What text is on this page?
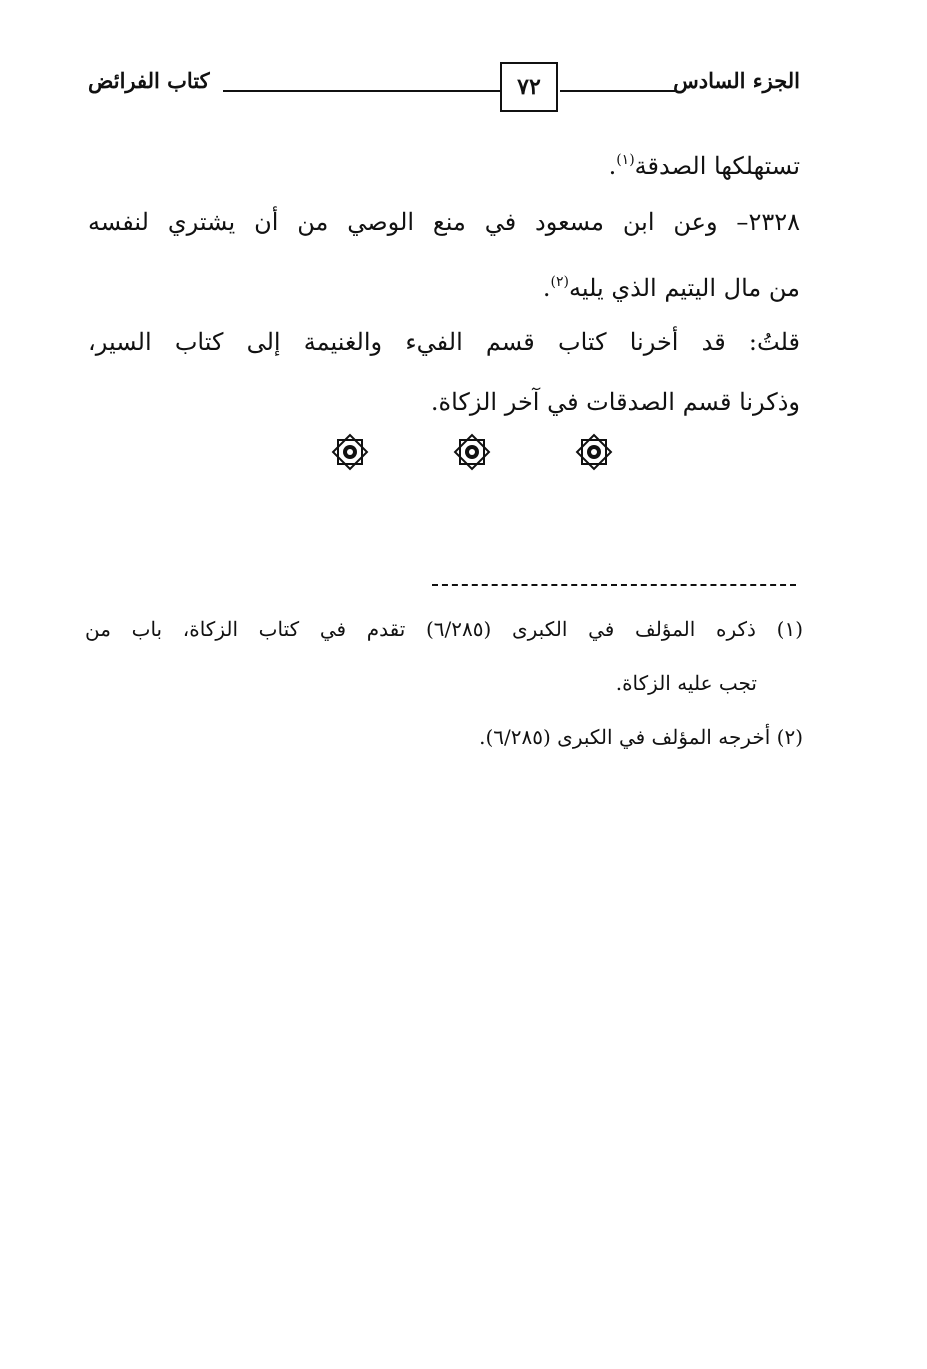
كتاب الفرائض	٧٢	الجزء السادس
تستهلكها الصدقة$^{(١)}$.
٢٣٢٨– وعن ابن مسعود في منع الوصي من أن يشتري لنفسه
من مال اليتيم الذي يليه$^{(٢)}$.
قلتُ: قد أخرنا كتاب قسم الفيء والغنيمة إلى كتاب السير،
وذكرنا قسم الصدقات في آخر الزكاة.
(١) ذكره المؤلف في الكبرى (٦/٢٨٥) تقدم في كتاب الزكاة، باب من
تجب عليه الزكاة.
(٢) أخرجه المؤلف في الكبرى (٦/٢٨٥).
